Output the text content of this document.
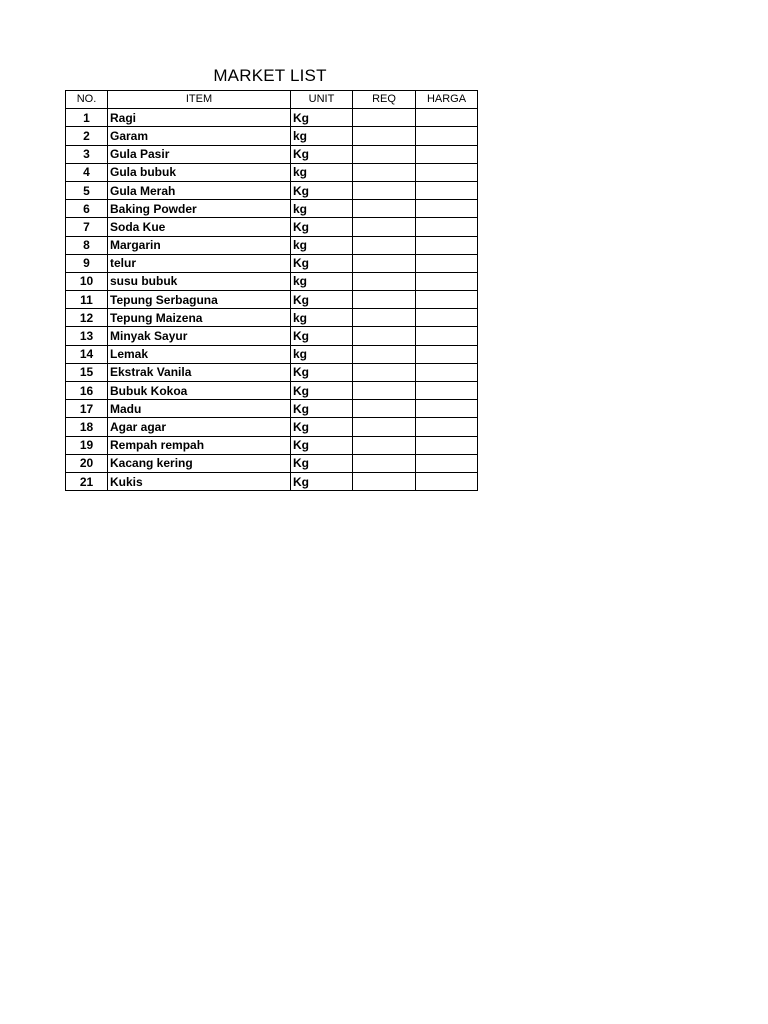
MARKET LIST
NO.	ITEM	UNIT	REQ	HARGA
1	Ragi	Kg		
2	Garam	kg		
3	Gula Pasir	Kg		
4	Gula bubuk	kg		
5	Gula Merah	Kg		
6	Baking Powder	kg		
7	Soda Kue	Kg		
8	Margarin	kg		
9	telur	Kg		
10	susu bubuk	kg		
11	Tepung Serbaguna	Kg		
12	Tepung Maizena	kg		
13	Minyak Sayur	Kg		
14	Lemak	kg		
15	Ekstrak Vanila	Kg		
16	Bubuk Kokoa	Kg		
17	Madu	Kg		
18	Agar agar	Kg		
19	Rempah rempah	Kg		
20	Kacang kering	Kg		
21	Kukis	Kg		
